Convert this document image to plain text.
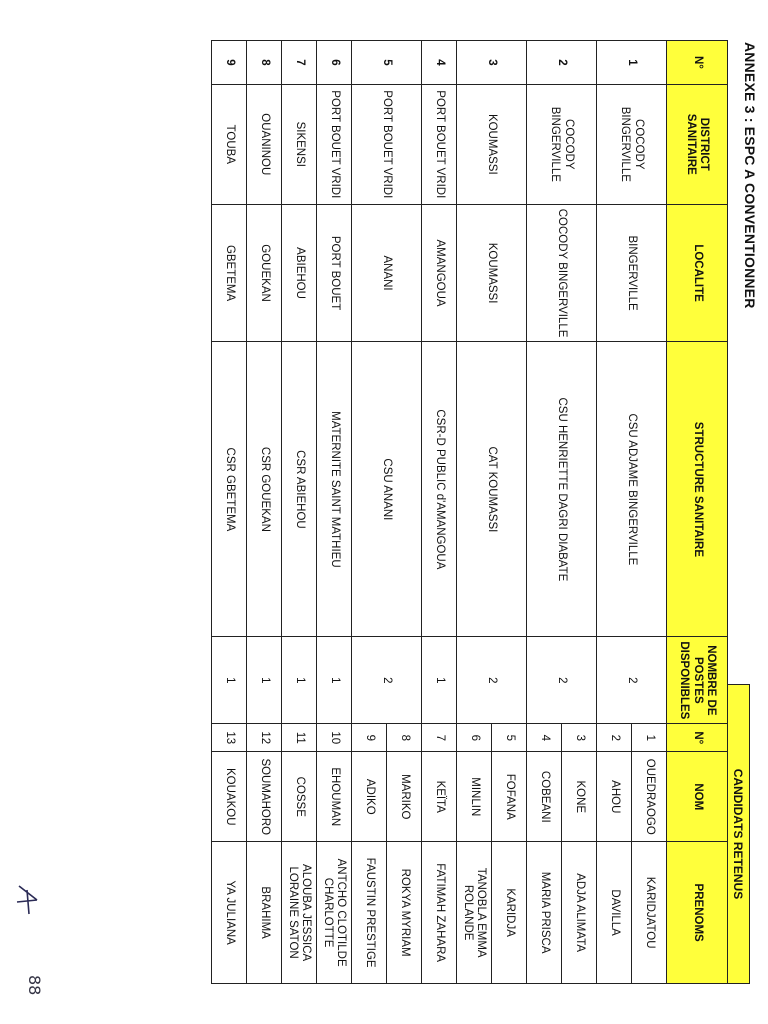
ANNEXE 3 : ESPC A CONVENTIONNER
CANDIDATS RETENUS
N°	DISTRICT SANITAIRE	LOCALITE	STRUCTURE SANITAIRE	NOMBRE DE POSTES DISPONIBLES	N°	NOM	PRENOMS
1	COCODY BINGERVILLE	BINGERVILLE	CSU ADJAME BINGERVILLE	2	1	OUEDRAOGO	KARIDJATOU
					2	AHOU	DAVILLA
2	COCODY BINGERVILLE	COCODY BINGERVILLE	CSU HENRIETTE DAGRI DIABATE	2	3	KONE	ADJA ALIMATA
					4	COBEANI	MARIA PRISCA
3	KOUMASSI	KOUMASSI	CAT KOUMASSI	2	5	FOFANA	KARIDJA
					6	MINLIN	TANOBLA EMMA ROLANDE
4	PORT BOUET VRIDI	AMANGOUA	CSR-D PUBLIC d'AMANGOUA	1	7	KEÏTA	FATIMAH ZAHARA
5	PORT BOUET VRIDI	ANANI	CSU ANANI	2	8	MARIKO	ROKYA MYRIAM
					9	ADIKO	FAUSTIN PRESTIGE
6	PORT BOUET VRIDI	PORT BOUET	MATERNITE SAINT MATHIEU	1	10	EHOUMAN	ANTCHO CLOTILDE CHARLOTTE
7	SIKENSI	ABIEHOU	CSR ABIEHOU	1	11	COSSE	ALOUBA JESSICA LORAINE SATON
8	OUANINOU	GOUEKAN	CSR GOUEKAN	1	12	SOUMAHORO	BRAHIMA
9	TOUBA	GBETEMA	CSR GBETEMA	1	13	KOUAKOU	YA JULIANA
88
